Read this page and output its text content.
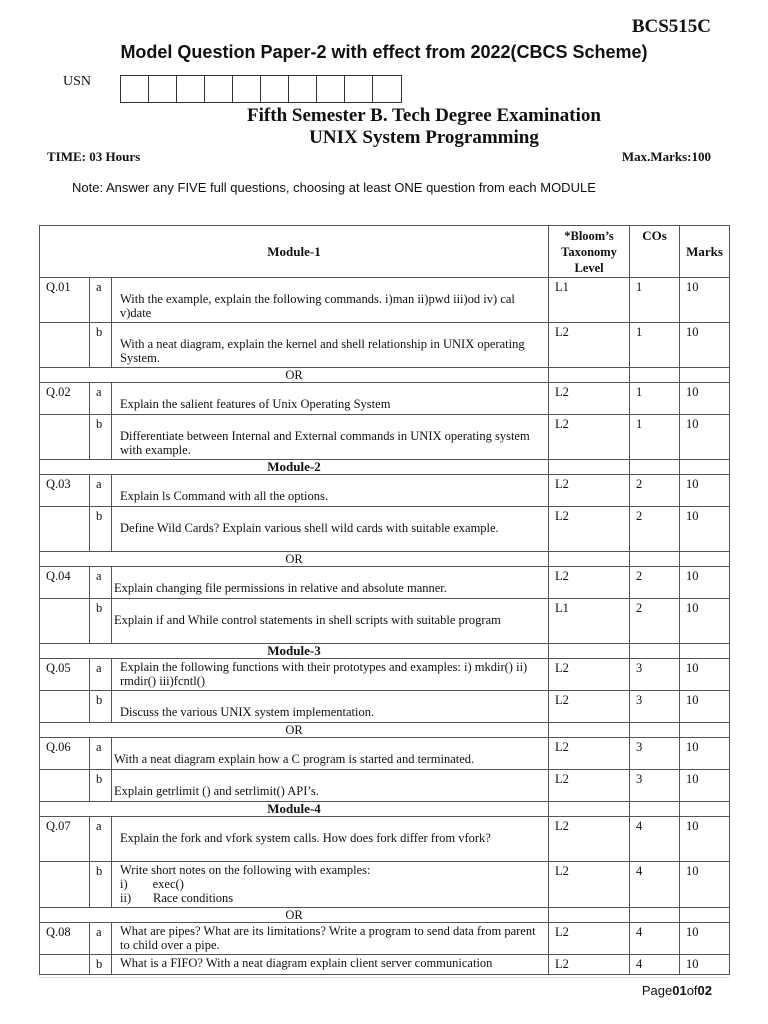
BCS515C
Model Question Paper-2 with effect from 2022(CBCS Scheme)
USN
Fifth Semester B. Tech Degree Examination
UNIX System Programming
TIME: 03 Hours	Max.Marks:100
Note: Answer any FIVE full questions, choosing at least ONE question from each MODULE
Module-1			*Bloom’s Taxonomy Level	COs	Marks
Q.01	a	With the example, explain the following commands. i)man ii)pwd iii)od iv) cal v)date	L1	1	10
	b	With a neat diagram, explain the kernel and shell relationship in UNIX operating System.	L2	1	10
OR					
Q.02	a	Explain the salient features of Unix Operating System	L2	1	10
	b	Differentiate between Internal and External commands in UNIX operating system with example.	L2	1	10
Module-2					
Q.03	a	Explain ls Command with all the options.	L2	2	10
	b	Define Wild Cards? Explain various shell wild cards with suitable example.	L2	2	10
OR					
Q.04	a	Explain changing file permissions in relative and absolute manner.	L2	2	10
	b	Explain if and While control statements in shell scripts with suitable program	L1	2	10
Module-3					
Q.05	a	Explain the following functions with their prototypes and examples: i) mkdir() ii) rmdir() iii)fcntl()	L2	3	10
	b	Discuss the various UNIX system implementation.	L2	3	10
OR					
Q.06	a	With a neat diagram explain how a C program is started and terminated.	L2	3	10
	b	Explain getrlimit () and setrlimit() API’s.	L2	3	10
Module-4					
Q.07	a	Explain the fork and vfork system calls. How does fork differ from vfork?	L2	4	10
	b	Write short notes on the following with examples:
i)        exec()
ii)       Race conditions	L2	4	10
OR					
Q.08	a	What are pipes? What are its limitations? Write a program to send data from parent to child over a pipe.	L2	4	10
	b	What is a FIFO? With a neat diagram explain client server communication	L2	4	10
Page01of02
